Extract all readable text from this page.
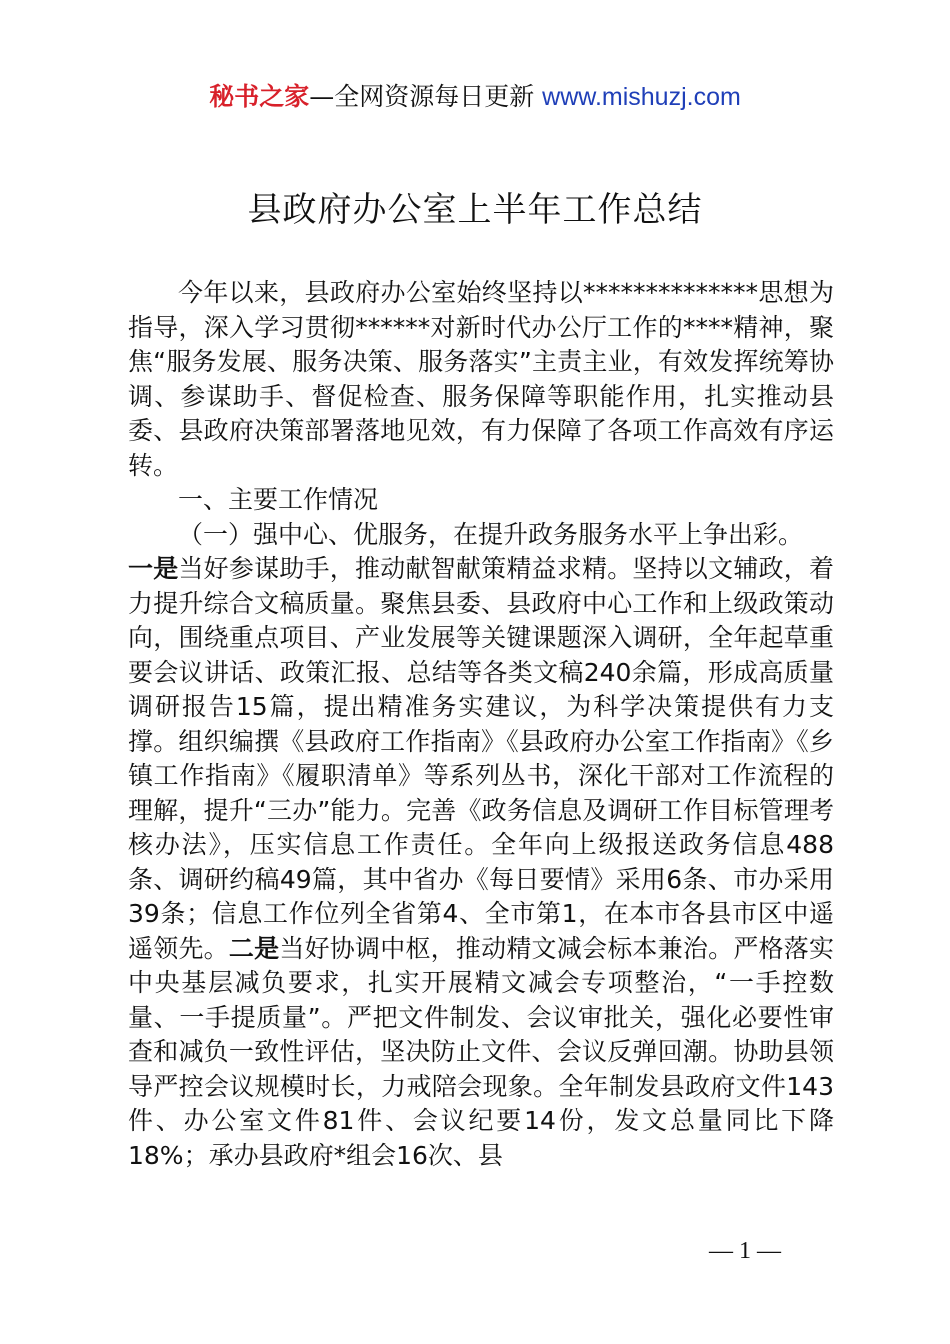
秘书之家—全网资源每日更新 www.mishuzj.com
县政府办公室上半年工作总结

今年以来，县政府办公室始终坚持以**************思想为指导，深入学习贯彻******对新时代办公厅工作的****精神，聚焦“服务发展、服务决策、服务落实”主责主业，有效发挥统筹协调、参谋助手、督促检查、服务保障等职能作用，扎实推动县委、县政府决策部署落地见效，有力保障了各项工作高效有序运转。

一、主要工作情况

（一）强中心、优服务，在提升政务服务水平上争出彩。

一是当好参谋助手，推动献智献策精益求精。坚持以文辅政，着力提升综合文稿质量。聚焦县委、县政府中心工作和上级政策动向，围绕重点项目、产业发展等关键课题深入调研，全年起草重要会议讲话、政策汇报、总结等各类文稿240余篇，形成高质量调研报告15篇，提出精准务实建议，为科学决策提供有力支撑。组织编撰《县政府工作指南》《县政府办公室工作指南》《乡镇工作指南》《履职清单》等系列丛书，深化干部对工作流程的理解，提升“三办”能力。完善《政务信息及调研工作目标管理考核办法》，压实信息工作责任。全年向上级报送政务信息488条、调研约稿49篇，其中省办《每日要情》采用6条、市办采用39条；信息工作位列全省第4、全市第1，在本市各县市区中遥遥领先。二是当好协调中枢，推动精文减会标本兼治。严格落实中央基层减负要求，扎实开展精文减会专项整治，“一手控数量、一手提质量”。严把文件制发、会议审批关，强化必要性审查和减负一致性评估，坚决防止文件、会议反弹回潮。协助县领导严控会议规模时长，力戒陪会现象。全年制发县政府文件143件、办公室文件81件、会议纪要14份，发文总量同比下降18%；承办县政府*组会16次、县

— 1 —
